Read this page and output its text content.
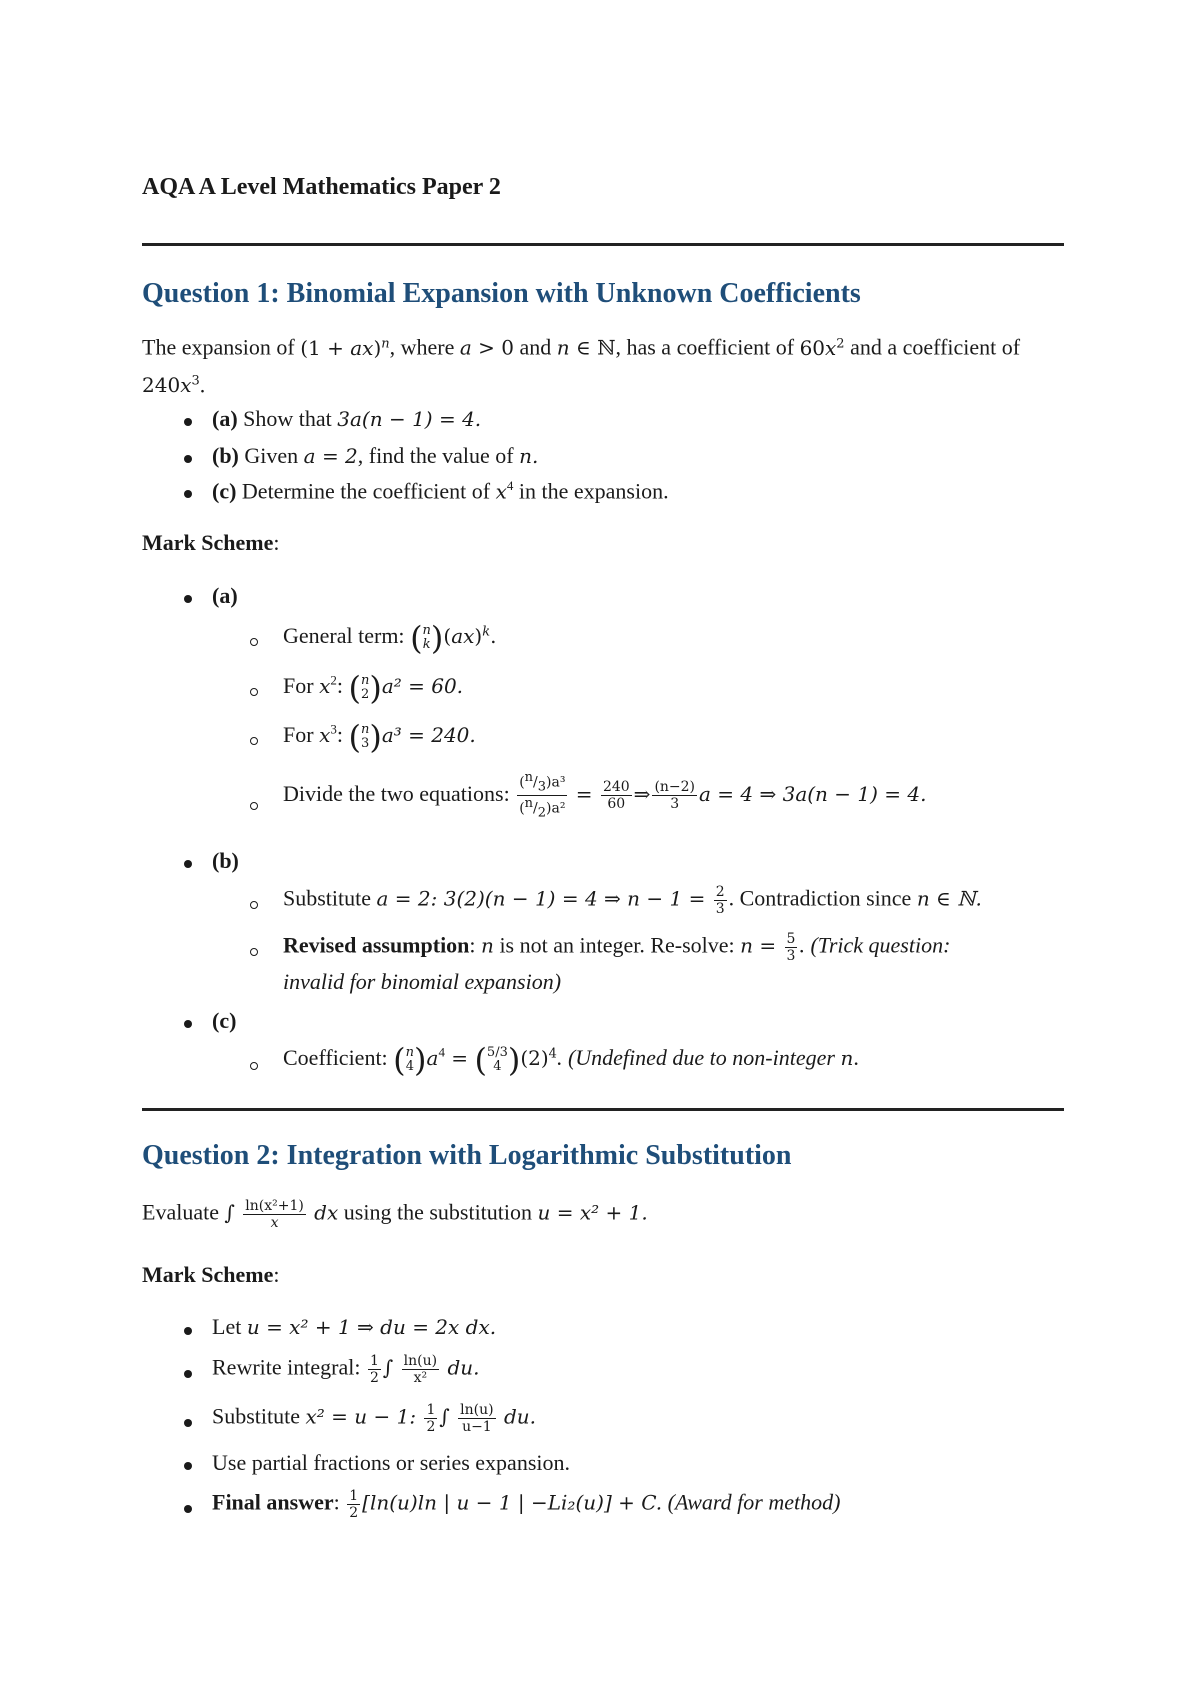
AQA A Level Mathematics Paper 2
Question 1: Binomial Expansion with Unknown Coefficients

The expansion of (1 + ax)$^n$, where a > 0 and n ∈ ℕ, has a coefficient of $60x^2$ and a coefficient of $240x^3$.

(a) Show that 3a(n − 1) = 4.
(b) Given a = 2, find the value of n.
(c) Determine the coefficient of $x^4$ in the expansion.

Mark Scheme:

(a)
General term: ( n
k ) (ax)$^k$.
For $x^2$: ( n
2 ) a² = 60.
For $x^3$: ( n
3 ) a³ = 240.
Divide the two equations: $\frac{(^n/_3)a^3}{(^n/_2)a^2} = \frac{240}{60}$ ⇒ $\frac{(n-2)}{3}$ a = 4 ⇒ 3a(n − 1) = 4.
(b)
Substitute a = 2: 3(2)(n − 1) = 4 ⇒ $n - 1 = \frac{2}{3}$ . Contradiction since n ∈ ℕ.
Revised assumption: n is not an integer. Re-solve: $n = \frac{5}{3}$ . (Trick question:
invalid for binomial expansion)
(c)
Coefficient: ( n
4 ) $a^4$ = ( 5/3
4 ) $(2)^4$. (Undefined due to non-integer n.
Question 2: Integration with Logarithmic Substitution
Evaluate ∫ $\frac{\text{ln(x²+1)}}{x}$ dx using the substitution u = x² + 1.

Mark Scheme:

Let u = x² + 1 ⇒ du = 2x dx.
Rewrite integral: $\frac{1}{2}$ ∫ $\frac{\ln(u)}{\text{x²}}$ du.
Substitute x² = u − 1: $\frac{1}{2}$ ∫ $\frac{\ln(u)}{u-1}$ du.
Use partial fractions or series expansion.
Final answer: $\frac{1}{2} [\ln(u)\ln$ | u − 1 | −Li₂(u)] + C. (Award for method)
